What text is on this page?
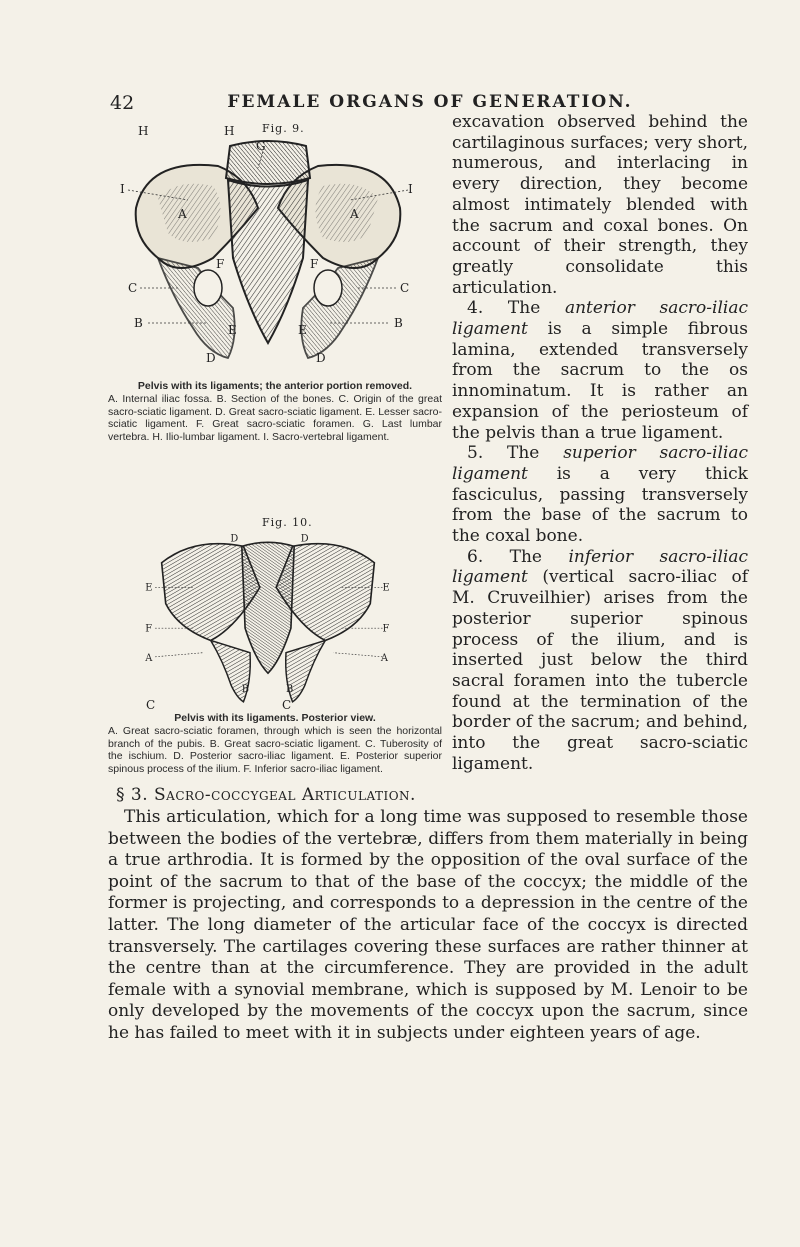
42	FEMALE ORGANS OF GENERATION.
Fig. 9.
G
I	I
A	A
F	F
C	C
B	B
E	E
D	D
H	H
Pelvis with its ligaments; the anterior portion removed.
A. Internal iliac fossa. B. Section of the bones. C. Origin of the great sacro-sciatic ligament. D. Great sacro-sciatic ligament. E. Lesser sacro-sciatic ligament. F. Great sacro-sciatic foramen. G. Last lumbar vertebra. H. Ilio-lumbar ligament. I. Sacro-vertebral ligament.
Fig. 10.
D	D
E	E
F	F
A	A
B	B
C	C
Pelvis with its ligaments. Posterior view.
A. Great sacro-sciatic foramen, through which is seen the horizontal branch of the pubis. B. Great sacro-sciatic ligament. C. Tuberosity of the ischium. D. Posterior sacro-iliac ligament. E. Posterior superior spinous process of the ilium. F. Inferior sacro-iliac ligament.

excavation observed behind the cartilaginous surfaces; very short, numerous, and interlacing in every direction, they become almost intimately blended with the sacrum and coxal bones. On account of their strength, they greatly consolidate this articulation.

4. The anterior sacro-iliac ligament is a simple fibrous lamina, extended transversely from the sacrum to the os innominatum. It is rather an expansion of the periosteum of the pelvis than a true ligament.

5. The superior sacro-iliac ligament is a very thick fasciculus, passing transversely from the base of the sacrum to the coxal bone.

6. The inferior sacro-iliac ligament (vertical sacro-iliac of M. Cruveilhier) arises from the posterior superior spinous process of the ilium, and is inserted just below the third sacral foramen into the tubercle found at the termination of the border of the sacrum; and behind, into the great sacro-sciatic ligament.

§ 3. Sacro-coccygeal Articulation.

This articulation, which for a long time was supposed to resemble those between the bodies of the vertebræ, differs from them materially in being a true arthrodia. It is formed by the opposition of the oval surface of the point of the sacrum to that of the base of the coccyx; the middle of the former is projecting, and corresponds to a depression in the centre of the latter. The long diameter of the articular face of the coccyx is directed transversely. The cartilages covering these surfaces are rather thinner at the centre than at the circumference. They are provided in the adult female with a synovial membrane, which is supposed by M. Lenoir to be only developed by the movements of the coccyx upon the sacrum, since he has failed to meet with it in subjects under eighteen years of age.
